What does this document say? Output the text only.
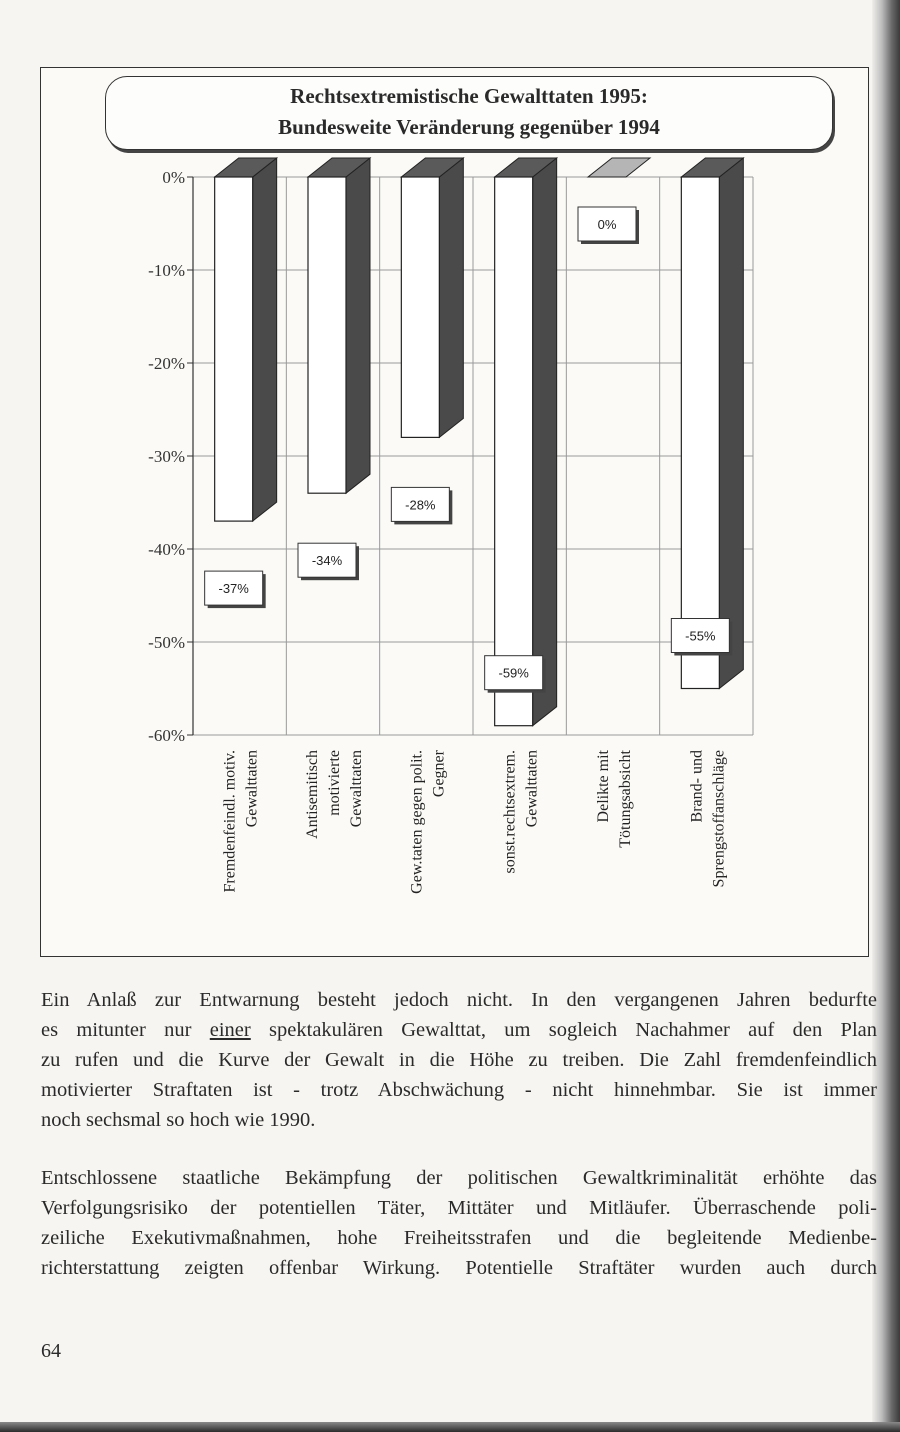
0%
-10%
-20%
-30%
-40%
-50%
-60%
-37%
Fremdenfeindl. motiv. Gewalttaten
-34%
Antisemitisch motivierte Gewalttaten
-28%
Gew.taten gegen polit. Gegner
-59%
sonst.rechtsextrem. Gewalttaten
0%
Delikte mit Tötungsabsicht
-55%
Brand- und Sprengstoffanschläge
Rechtsextremistische Gewalttaten 1995:
Bundesweite Veränderung gegenüber 1994
Ein Anlaß zur Entwarnung besteht jedoch nicht. In den vergangenen Jahren bedurfte
es mitunter nur einer spektakulären Gewalttat, um sogleich Nachahmer auf den Plan
zu rufen und die Kurve der Gewalt in die Höhe zu treiben. Die Zahl fremdenfeindlich
motivierter Straftaten ist - trotz Abschwächung - nicht hinnehmbar. Sie ist immer
noch sechsmal so hoch wie 1990.
Entschlossene staatliche Bekämpfung der politischen Gewaltkriminalität erhöhte das
Verfolgungsrisiko der potentiellen Täter, Mittäter und Mitläufer. Überraschende poli-
zeiliche Exekutivmaßnahmen, hohe Freiheitsstrafen und die begleitende Medienbe-
richterstattung zeigten offenbar Wirkung. Potentielle Straftäter wurden auch durch
64
